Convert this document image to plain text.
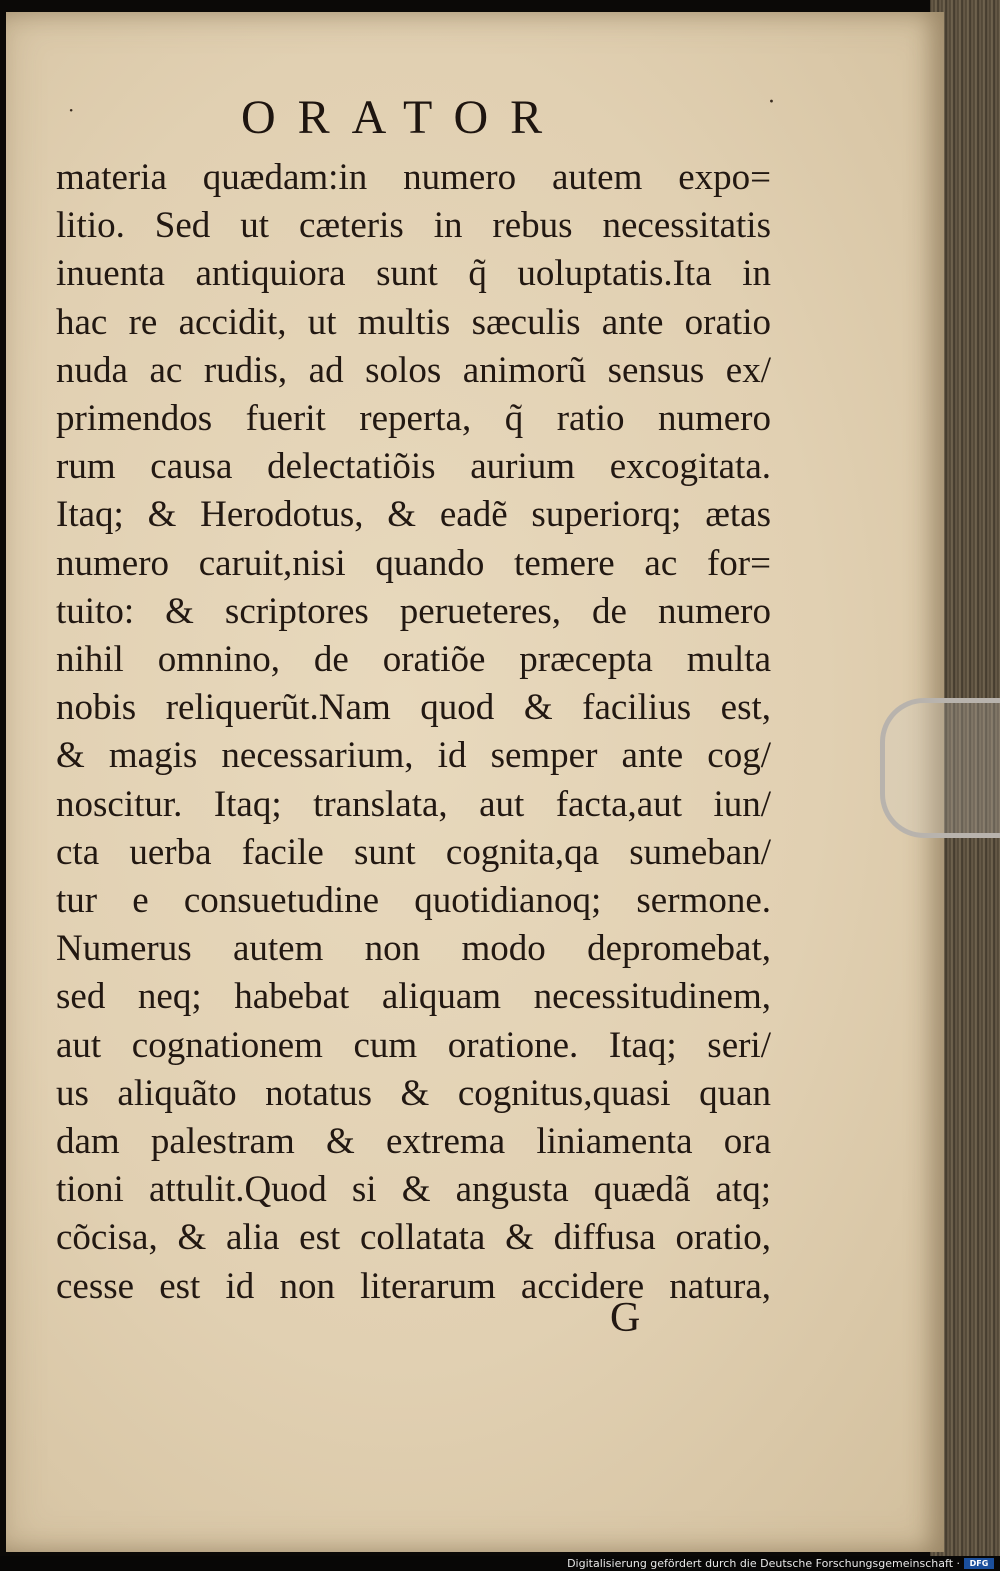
·	·
ORATOR
materia quædam:in numero autem expo=
litio. Sed ut cæteris in rebus necessitatis
inuenta antiquiora sunt q̃ uoluptatis.Ita in
hac re accidit, ut multis sæculis ante oratio
nuda ac rudis, ad solos animorũ sensus ex/
primendos fuerit reperta, q̃ ratio numero
rum causa delectatiõis aurium excogitata.
Itaq; & Herodotus, & eadẽ superiorq; ætas
numero caruit,nisi quando temere ac for=
tuito: & scriptores perueteres, de numero
nihil omnino, de oratiõe præcepta multa
nobis reliquerũt.Nam quod & facilius est,
& magis necessarium, id semper ante cog/
noscitur. Itaq; translata, aut facta,aut iun/
cta uerba facile sunt cognita,qa sumeban/
tur e consuetudine quotidianoq; sermone.
Numerus autem non modo depromebat,
sed neq; habebat aliquam necessitudinem,
aut cognationem cum oratione. Itaq; seri/
us aliquãto notatus & cognitus,quasi quan
dam palestram & extrema liniamenta ora
tioni attulit.Quod si & angusta quædã atq;
cõcisa, & alia est collatata & diffusa oratio,
cesse est id non literarum accidere natura,
G
Digitalisierung gefördert durch die Deutsche Forschungsgemeinschaft ·	DFG
